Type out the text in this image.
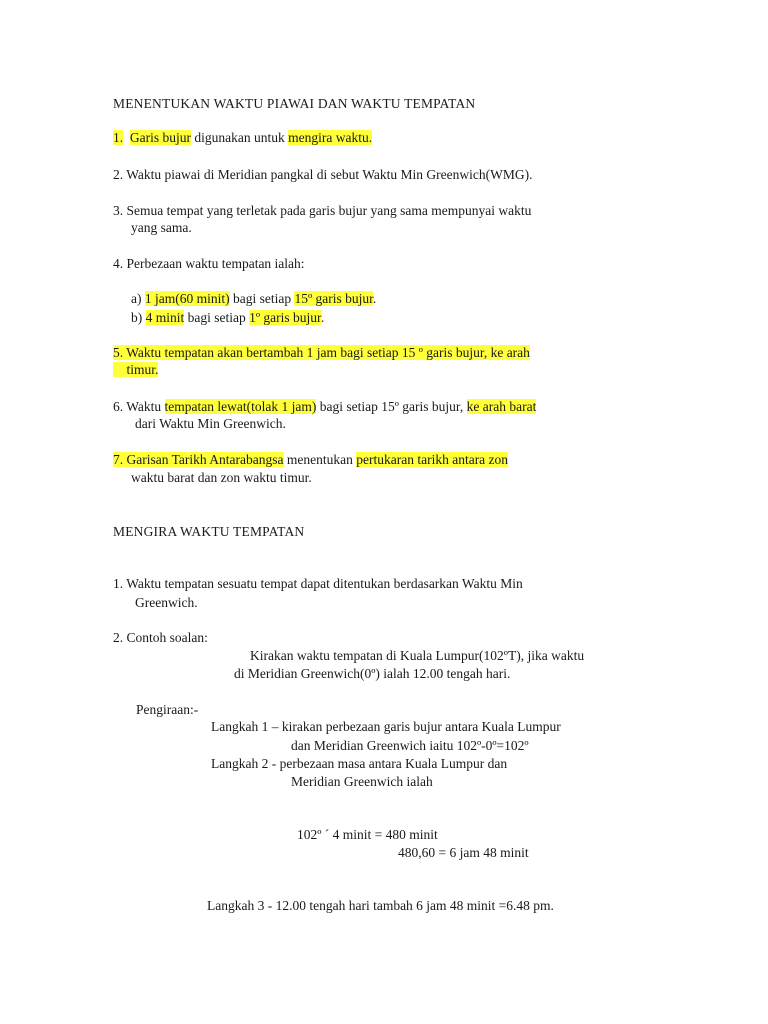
MENENTUKAN WAKTU PIAWAI DAN WAKTU TEMPATAN
1. Garis bujur digunakan untuk mengira waktu.
2. Waktu piawai di Meridian pangkal di sebut Waktu Min Greenwich(WMG).
3. Semua tempat yang terletak pada garis bujur yang sama mempunyai waktu
yang sama.
4. Perbezaan waktu tempatan ialah:
a) 1 jam(60 minit) bagi setiap 15º garis bujur.
b) 4 minit bagi setiap 1º garis bujur.
5. Waktu tempatan akan bertambah 1 jam bagi setiap 15 º garis bujur, ke arah
timur.
6. Waktu tempatan lewat(tolak 1 jam) bagi setiap 15º garis bujur, ke arah barat
dari Waktu Min Greenwich.
7. Garisan Tarikh Antarabangsa menentukan pertukaran tarikh antara zon
waktu barat dan zon waktu timur.
MENGIRA WAKTU TEMPATAN
1. Waktu tempatan sesuatu tempat dapat ditentukan berdasarkan Waktu Min
Greenwich.
2. Contoh soalan:
Kirakan waktu tempatan di Kuala Lumpur(102ºT), jika waktu
di Meridian Greenwich(0º) ialah 12.00 tengah hari.
Pengiraan:-
Langkah 1 – kirakan perbezaan garis bujur antara Kuala Lumpur
dan Meridian Greenwich iaitu 102º-0º=102º
Langkah 2 - perbezaan masa antara Kuala Lumpur dan
Meridian Greenwich ialah
102º ´ 4 minit = 480 minit
480,60 = 6 jam 48 minit
Langkah 3 - 12.00 tengah hari tambah 6 jam 48 minit =6.48 pm.
